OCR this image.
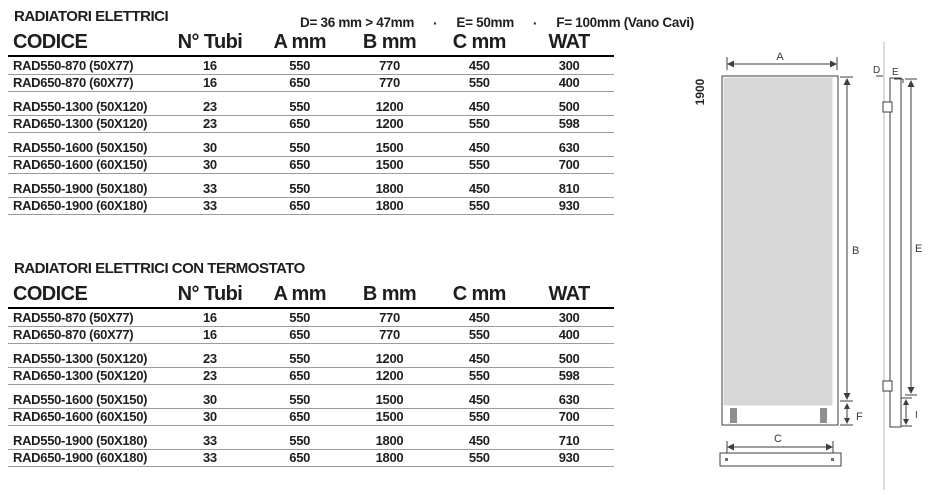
D= 36 mm > 47mm · E= 50mm · F= 100mm (Vano Cavi)
RADIATORI ELETTRICI
CODICE	N° Tubi	A mm	B mm	C mm	WAT
RAD550-870 (50X77)	16	550	770	450	300
RAD650-870 (60X77)	16	650	770	550	400
RAD550-1300 (50X120)	23	550	1200	450	500
RAD650-1300 (50X120)	23	650	1200	550	598
RAD550-1600 (50X150)	30	550	1500	450	630
RAD650-1600 (60X150)	30	650	1500	550	700
RAD550-1900 (50X180)	33	550	1800	450	810
RAD650-1900 (60X180)	33	650	1800	550	930
RADIATORI ELETTRICI CON TERMOSTATO
CODICE	N° Tubi	A mm	B mm	C mm	WAT
RAD550-870 (50X77)	16	550	770	450	300
RAD650-870 (60X77)	16	650	770	550	400
RAD550-1300 (50X120)	23	550	1200	450	500
RAD650-1300 (50X120)	23	650	1200	550	598
RAD550-1600 (50X150)	30	550	1500	450	630
RAD650-1600 (60X150)	30	650	1500	550	700
RAD550-1900 (50X180)	33	550	1800	450	710
RAD650-1900 (60X180)	33	650	1800	550	930
A
1900
B
F
C
D E
E
I
